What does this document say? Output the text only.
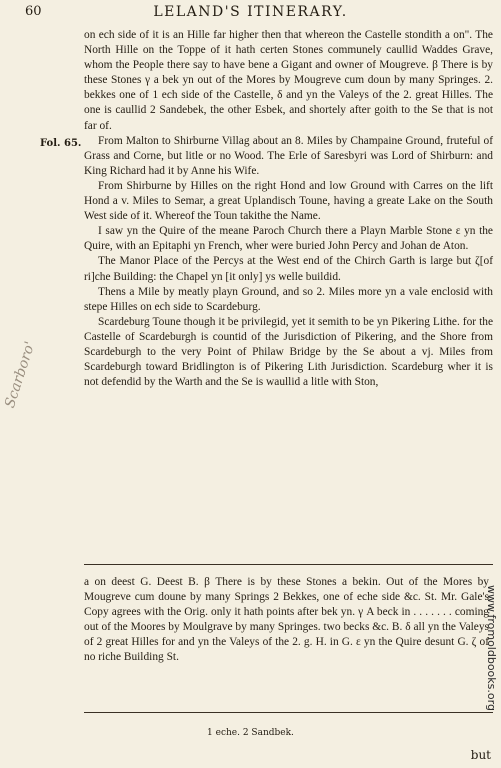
60	LELAND'S ITINERARY.
Fol. 65.
Scarboro'

on ech side of it is an Hille far higher then that whereon the Castelle stondith a on". The North Hille on the Toppe of it hath certen Stones communely caullid Waddes Grave, whom the People there say to have bene a Gigant and owner of Mougreve. β There is by these Stones γ a bek yn out of the Mores by Mougreve cum doun by many Springes. 2. bekkes one of 1 ech side of the Castelle, δ and yn the Valeys of the 2. great Hilles. The one is caullid 2 Sandebek, the other Esbek, and shortely after goith to the Se that is not far of.

From Malton to Shirburne Villag about an 8. Miles by Champaine Ground, fruteful of Grass and Corne, but litle or no Wood. The Erle of Saresbyri was Lord of Shirburn: and King Richard had it by Anne his Wife.

From Shirburne by Hilles on the right Hond and low Ground with Carres on the lift Hond a v. Miles to Semar, a great Uplandisch Toune, having a greate Lake on the South West side of it. Whereof the Toun takithe the Name.

I saw yn the Quire of the meane Paroch Church there a Playn Marble Stone ε yn the Quire, with an Epitaphi yn French, wher were buried John Percy and Johan de Aton.

The Manor Place of the Percys at the West end of the Chirch Garth is large but ζ[of ri]che Building: the Chapel yn [it only] ys welle buildid.

Thens a Mile by meatly playn Ground, and so 2. Miles more yn a vale enclosid with stepe Hilles on ech side to Scardeburg.

Scardeburg Toune though it be privilegid, yet it semith to be yn Pikering Lithe. for the Castelle of Scardeburgh is countid of the Jurisdiction of Pikering, and the Shore from Scardeburgh to the very Point of Philaw Bridge by the Se about a vj. Miles from Scardeburgh toward Bridlington is of Pikering Lith Jurisdiction. Scardeburg wher it is not defendid by the Warth and the Se is waullid a litle with Ston,

a on deest G. Deest B. β There is by these Stones a bekin. Out of the Mores by Mougreve cum doune by many Springs 2 Bekkes, one of eche side &c. St. Mr. Gale's Copy agrees with the Orig. only it hath points after bek yn. γ A beck in . . . . . . . coming out of the Moores by Moulgrave by many Springes. two becks &c. B. δ all yn the Valeys of 2 great Hilles for and yn the Valeys of the 2. g. H. in G. ε yn the Quire desunt G. ζ of no riche Building St.

1 eche. 2 Sandbek.
but
www.fromoldbooks.org
